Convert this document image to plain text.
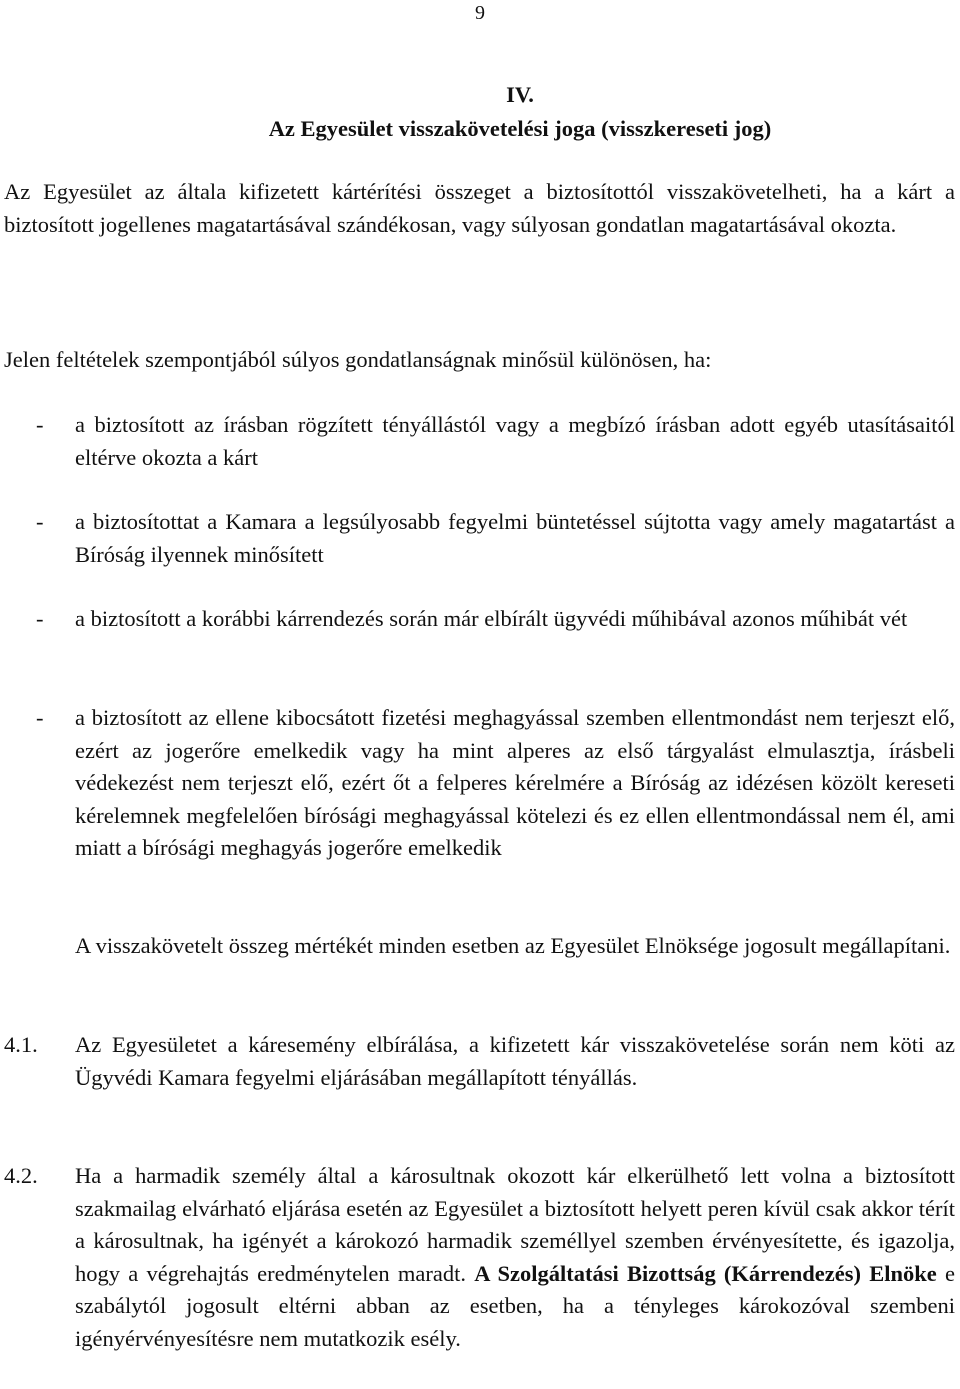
9
IV.
Az Egyesület visszakövetelési joga (visszkereseti jog)
Az Egyesület az általa kifizetett kártérítési összeget a biztosítottól visszakövetelheti, ha a kárt a biztosított jogellenes magatartásával szándékosan, vagy súlyosan gondatlan magatartásával okozta.
Jelen feltételek szempontjából súlyos gondatlanságnak minősül különösen, ha:
- a biztosított az írásban rögzített tényállástól vagy a megbízó írásban adott egyéb utasításaitól eltérve okozta a kárt
- a biztosítottat a Kamara a legsúlyosabb fegyelmi büntetéssel sújtotta vagy amely magatartást a Bíróság ilyennek minősített
- a biztosított a korábbi kárrendezés során már elbírált ügyvédi műhibával azonos műhibát vét
- a biztosított az ellene kibocsátott fizetési meghagyással szemben ellentmondást nem terjeszt elő, ezért az jogerőre emelkedik vagy ha mint alperes az első tárgyalást elmulasztja, írásbeli védekezést nem terjeszt elő, ezért őt a felperes kérelmére a Bíróság az idézésen közölt kereseti kérelemnek megfelelően bírósági meghagyással kötelezi és ez ellen ellentmondással nem él, ami miatt a bírósági meghagyás jogerőre emelkedik
A visszakövetelt összeg mértékét minden esetben az Egyesület Elnöksége jogosult megállapítani.
4.1. Az Egyesületet a káresemény elbírálása, a kifizetett kár visszakövetelése során nem köti az Ügyvédi Kamara fegyelmi eljárásában megállapított tényállás.
4.2. Ha a harmadik személy által a károsultnak okozott kár elkerülhető lett volna a biztosított szakmailag elvárható eljárása esetén az Egyesület a biztosított helyett peren kívül csak akkor térít a károsultnak, ha igényét a károkozó harmadik személlyel szemben érvényesítette, és igazolja, hogy a végrehajtás eredménytelen maradt. A Szolgáltatási Bizottság (Kárrendezés) Elnöke e szabálytól jogosult eltérni abban az esetben, ha a tényleges károkozóval szembeni igényérvényesítésre nem mutatkozik esély.
